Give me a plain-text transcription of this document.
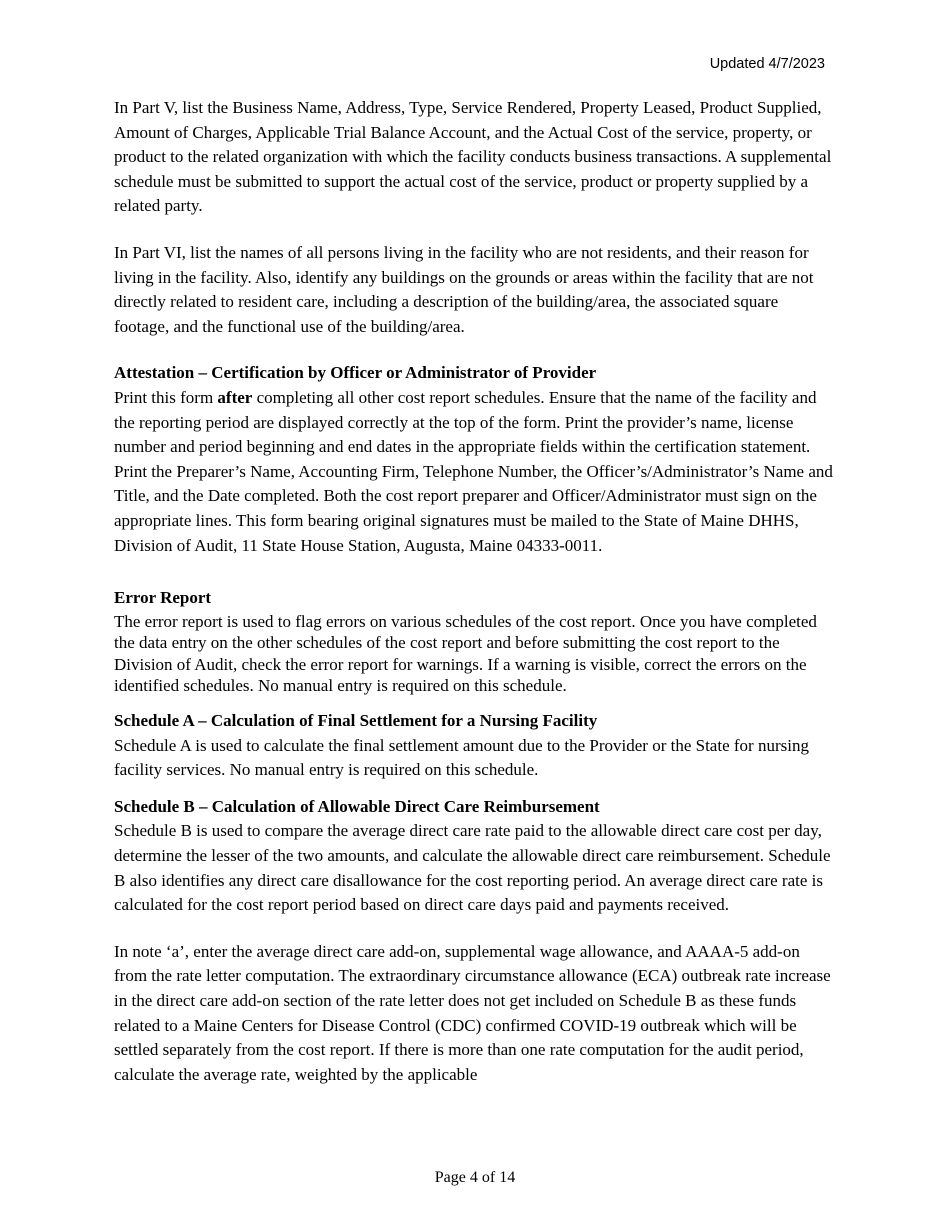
Updated 4/7/2023

In Part V, list the Business Name, Address, Type, Service Rendered, Property Leased, Product Supplied, Amount of Charges, Applicable Trial Balance Account, and the Actual Cost of the service, property, or product to the related organization with which the facility conducts business transactions. A supplemental schedule must be submitted to support the actual cost of the service, product or property supplied by a related party.

In Part VI, list the names of all persons living in the facility who are not residents, and their reason for living in the facility. Also, identify any buildings on the grounds or areas within the facility that are not directly related to resident care, including a description of the building/area, the associated square footage, and the functional use of the building/area.

Attestation – Certification by Officer or Administrator of Provider

Print this form after completing all other cost report schedules. Ensure that the name of the facility and the reporting period are displayed correctly at the top of the form. Print the provider’s name, license number and period beginning and end dates in the appropriate fields within the certification statement. Print the Preparer’s Name, Accounting Firm, Telephone Number, the Officer’s/Administrator’s Name and Title, and the Date completed. Both the cost report preparer and Officer/Administrator must sign on the appropriate lines. This form bearing original signatures must be mailed to the State of Maine DHHS, Division of Audit, 11 State House Station, Augusta, Maine 04333-0011.

Error Report

The error report is used to flag errors on various schedules of the cost report. Once you have completed the data entry on the other schedules of the cost report and before submitting the cost report to the Division of Audit, check the error report for warnings. If a warning is visible, correct the errors on the identified schedules. No manual entry is required on this schedule.

Schedule A – Calculation of Final Settlement for a Nursing Facility

Schedule A is used to calculate the final settlement amount due to the Provider or the State for nursing facility services. No manual entry is required on this schedule.

Schedule B – Calculation of Allowable Direct Care Reimbursement

Schedule B is used to compare the average direct care rate paid to the allowable direct care cost per day, determine the lesser of the two amounts, and calculate the allowable direct care reimbursement. Schedule B also identifies any direct care disallowance for the cost reporting period. An average direct care rate is calculated for the cost report period based on direct care days paid and payments received.

In note ‘a’, enter the average direct care add-on, supplemental wage allowance, and AAAA-5 add-on from the rate letter computation. The extraordinary circumstance allowance (ECA) outbreak rate increase in the direct care add-on section of the rate letter does not get included on Schedule B as these funds related to a Maine Centers for Disease Control (CDC) confirmed COVID-19 outbreak which will be settled separately from the cost report. If there is more than one rate computation for the audit period, calculate the average rate, weighted by the applicable

Page 4 of 14
